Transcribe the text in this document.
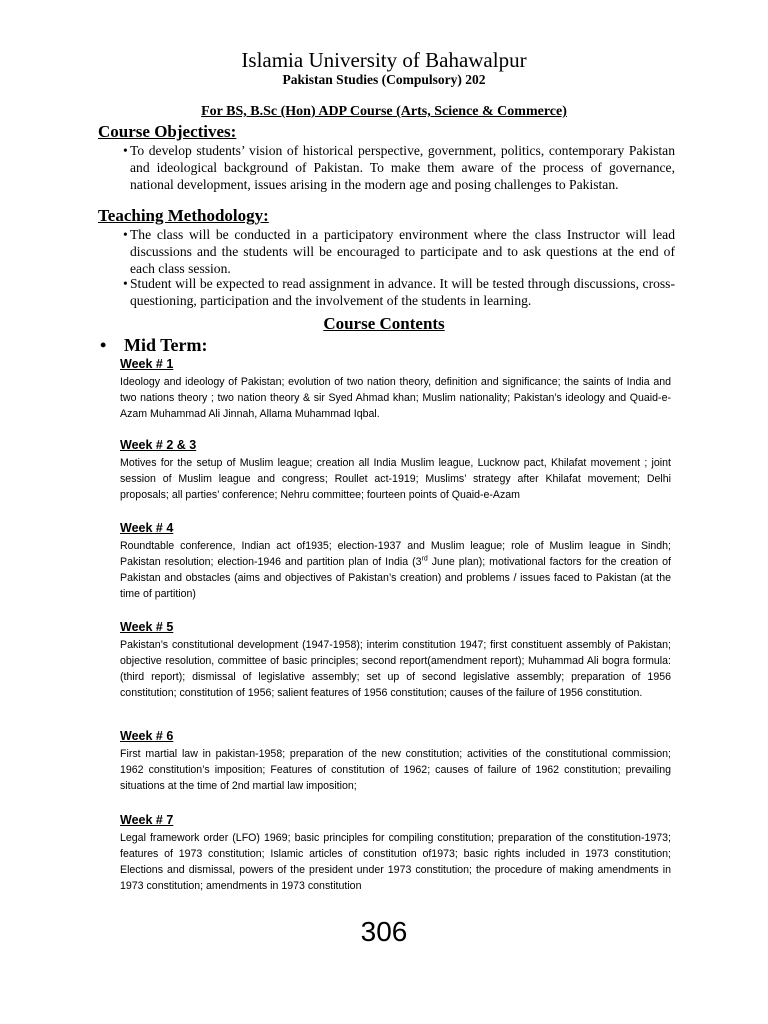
Islamia University of Bahawalpur
Pakistan Studies (Compulsory) 202
For BS, B.Sc (Hon) ADP Course (Arts, Science & Commerce)
Course Objectives:
• To develop students’ vision of historical perspective, government, politics, contemporary Pakistan and ideological background of Pakistan. To make them aware of the process of governance, national development, issues arising in the modern age and posing challenges to Pakistan.
Teaching Methodology:
• The class will be conducted in a participatory environment where the class Instructor will lead discussions and the students will be encouraged to participate and to ask questions at the end of each class session.
• Student will be expected to read assignment in advance. It will be tested through discussions, cross- questioning, participation and the involvement of the students in learning.
Course Contents
• Mid Term:
Week # 1
Ideology and ideology of Pakistan; evolution of two nation theory, definition and significance; the saints of India and two nations theory ; two nation theory & sir Syed Ahmad khan; Muslim nationality; Pakistan’s ideology and Quaid-e-Azam Muhammad Ali Jinnah, Allama Muhammad Iqbal.
Week # 2 & 3
Motives for the setup of Muslim league; creation all India Muslim league, Lucknow pact, Khilafat movement ; joint session of Muslim league and congress; Roullet act-1919; Muslims’ strategy after Khilafat movement; Delhi proposals; all parties’ conference; Nehru committee; fourteen points of Quaid-e-Azam
Week # 4
Roundtable conference, Indian act of1935; election-1937 and Muslim league; role of Muslim league in Sindh; Pakistan resolution; election-1946 and partition plan of India (3rd June plan); motivational factors for the creation of Pakistan and obstacles (aims and objectives of Pakistan’s creation) and problems / issues faced to Pakistan (at the time of partition)
Week # 5
Pakistan’s constitutional development (1947-1958); interim constitution 1947; first constituent assembly of Pakistan; objective resolution, committee of basic principles; second report(amendment report); Muhammad Ali bogra formula: (third report); dismissal of legislative assembly; set up of second legislative assembly; preparation of 1956 constitution; constitution of 1956; salient features of 1956 constitution; causes of the failure of 1956 constitution.
Week # 6
First martial law in pakistan-1958; preparation of the new constitution; activities of the constitutional commission; 1962 constitution’s imposition; Features of constitution of 1962; causes of failure of 1962 constitution; prevailing situations at the time of 2nd martial law imposition;
Week # 7
Legal framework order (LFO) 1969; basic principles for compiling constitution; preparation of the constitution-1973; features of 1973 constitution; Islamic articles of constitution of1973; basic rights included in 1973 constitution; Elections and dismissal, powers of the president under 1973 constitution; the procedure of making amendments in 1973 constitution; amendments in 1973 constitution
306
